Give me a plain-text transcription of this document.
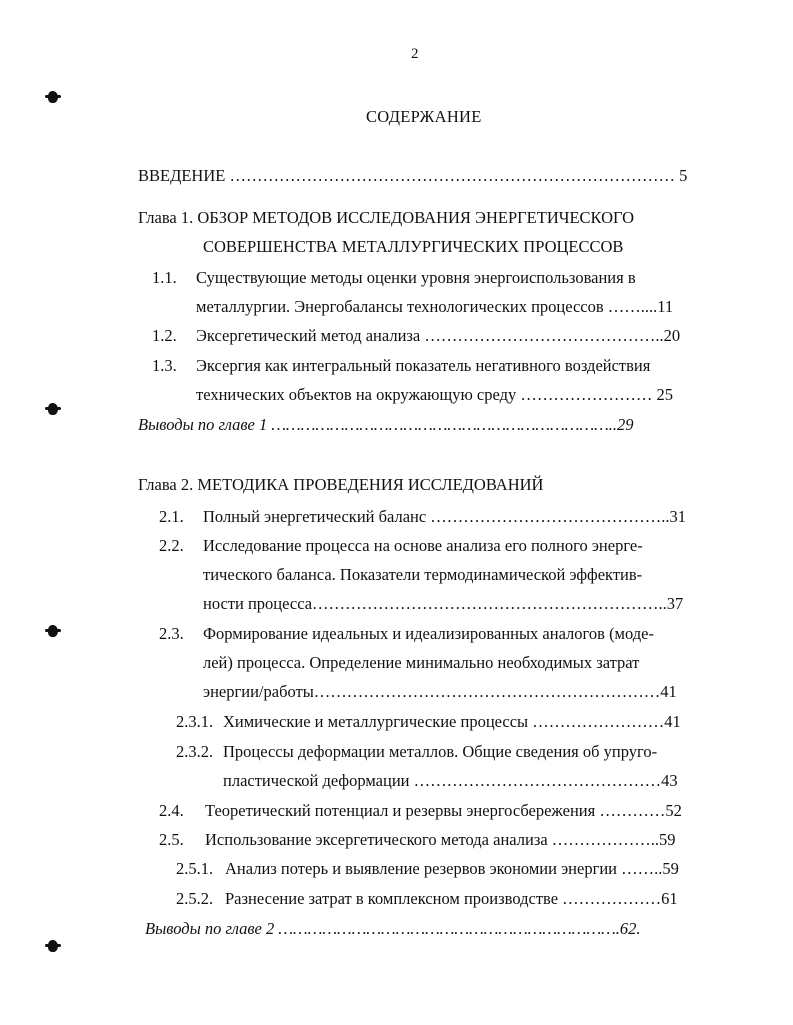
2
СОДЕРЖАНИЕ
ВВЕДЕНИЕ ……………………………………………………………………… 5
Глава 1. ОБЗОР МЕТОДОВ ИССЛЕДОВАНИЯ ЭНЕРГЕТИЧЕСКОГО
СОВЕРШЕНСТВА МЕТАЛЛУРГИЧЕСКИХ ПРОЦЕССОВ
1.1. Существующие методы оценки уровня энергоиспользования в
металлургии. Энергобалансы технологических процессов ……....11
1.2. Эксергетический метод анализа ……………………………………..20
1.3. Эксергия как интегральный показатель негативного воздействия
технических объектов на окружающую среду …………………… 25
Выводы по главе 1 ……………………………………………………………..29
Глава 2. МЕТОДИКА ПРОВЕДЕНИЯ ИССЛЕДОВАНИЙ
2.1. Полный энергетический баланс ……………………………………..31
2.2. Исследование процесса на основе анализа его полного энерге-
тического баланса. Показатели термодинамической эффектив-
ности процесса………………………………………………………..37
2.3. Формирование идеальных и идеализированных аналогов (моде-
лей) процесса. Определение минимально необходимых затрат
энергии/работы………………………………………………………41
2.3.1. Химические и металлургические процессы ……………………41
2.3.2. Процессы деформации металлов. Общие сведения об упруго-
пластической деформации ………………………………………43
2.4. Теоретический потенциал и резервы энергосбережения …………52
2.5. Использование эксергетического метода анализа ………………..59
2.5.1. Анализ потерь и выявление резервов экономии энергии ……..59
2.5.2. Разнесение затрат в комплексном производстве ………………61
Выводы по главе 2 …………………………………………………………….62.
